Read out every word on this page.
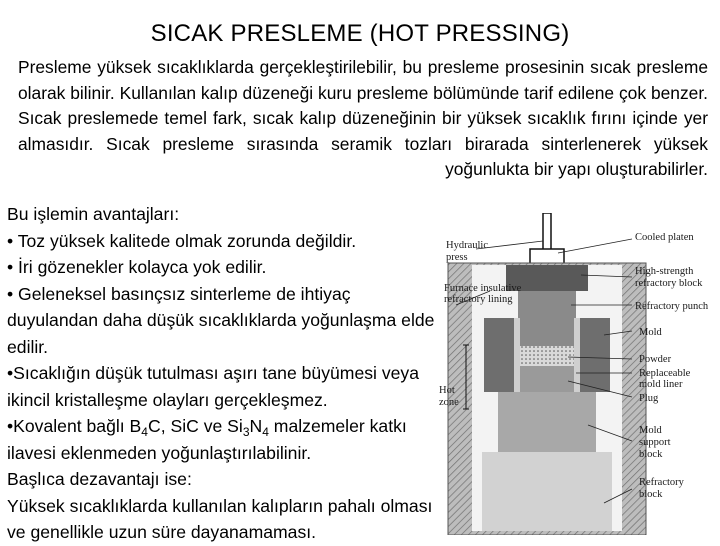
SICAK PRESLEME (HOT PRESSING)
Presleme yüksek sıcaklıklarda gerçekleştirilebilir, bu presleme prosesinin sıcak presleme olarak bilinir. Kullanılan kalıp düzeneği kuru presleme bölümünde tarif edilene çok benzer. Sıcak preslemede temel fark, sıcak kalıp düzeneğinin bir yüksek sıcaklık fırını içinde yer almasıdır. Sıcak presleme sırasında seramik tozları birarada sinterlenerek yüksek yoğunlukta bir yapı oluşturabilirler.

Bu işlemin avantajları:

• Toz yüksek kalitede olmak zorunda değildir.

• İri gözenekler kolayca yok edilir.

• Geleneksel basınçsız sinterleme de ihtiyaç duyulandan daha düşük sıcaklıklarda yoğunlaşma elde edilir.

•Sıcaklığın düşük tutulması aşırı tane büyümesi veya ikincil kristalleşme olayları gerçekleşmez.

•Kovalent bağlı $B_4C$, SiC ve $Si_3N_4$ malzemeler katkı ilavesi eklenmeden yoğunlaştırılabilinir.

Başlıca dezavantajı ise:

Yüksek sıcaklıklarda kullanılan kalıpların pahalı olması ve genellikle uzun süre dayanamaması.

Hydraulic press
Furnace insulative refractory lining
Hot zone
Cooled platen
High-strength refractory block
Refractory punch
Mold
Powder
Replaceable mold liner
Plug
Mold support block
Refractory block
